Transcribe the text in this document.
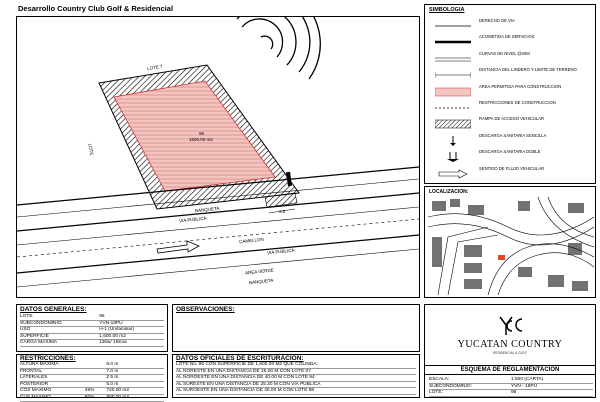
Desarrollo Country Club Golf & Residencial
LOTE 7
LOTE
96
1600.00 m2
BANQUETA
VIA PUBLICA
3.5
CAMELLON
VIA PUBLICA
AREA VERDE
BANQUETA
SIMBOLOGIA
DERECHO DE VIA
ACOMETIDA DE SERVICIOS
CURVAS DE NIVEL @20M
DISTANCIA DEL LINDERO Y LIMITE DE TERRENO
AREA PERMITIDA PARA CONSTRUCCION
RESTRICCIONES DE CONSTRUCCION
RAMPA DE ACCESO VEHICULAR
DESCARGA SANITARIA SENCILLA
DESCARGA SANITARIA DOBLE
SENTIDO DE FLUJO VEHICULAR
LOCALIZACION:
DATOS GENERALES:
LOTE	96
SUBCONDOMINIO	YVN-18PU
USO	H-1 (Unifamiliar)
SUPERFICIE	1,600.00 m2
CARGA MAXIMA	12kw/ 15Kva
OBSERVACIONES:
RESTRICCIONES:
ALTURA MAXIMA	8.0 m
FRONTAL	7.0 m
LATERALES	2.5 m
POSTERIOR	5.0 m
COS MAXIMO	45%	720.00 m2
CUS MAXIMO	80%	800.00 m2
DATOS OFICIALES DE ESCRITURACION:
LOTE No. 96 CON SUPERFICIE DE 1,600.00 M2 QUE COLINDA:
AL NORESTE EN UNA DISTANCIA DE 25.00 M CON LOTE 07
AL NOROESTE EN UNA DISTANCIA DE 40.00 M CON LOTE 94
AL SURESTE EN UNA DISTANCIA DE 25.30 M CON VIA PUBLICA
AL SUROESTE EN UNA DISTANCIA DE 40.00 M CON LOTE 98
YUCATAN COUNTRY
RESIDENCIAL & GOLF
ESQUEMA DE REGLAMENTACION
ESCALA:	1:500 (CARTA)
SUBCONDOMINIO:	YVN - 18PU
LOTE:	96
